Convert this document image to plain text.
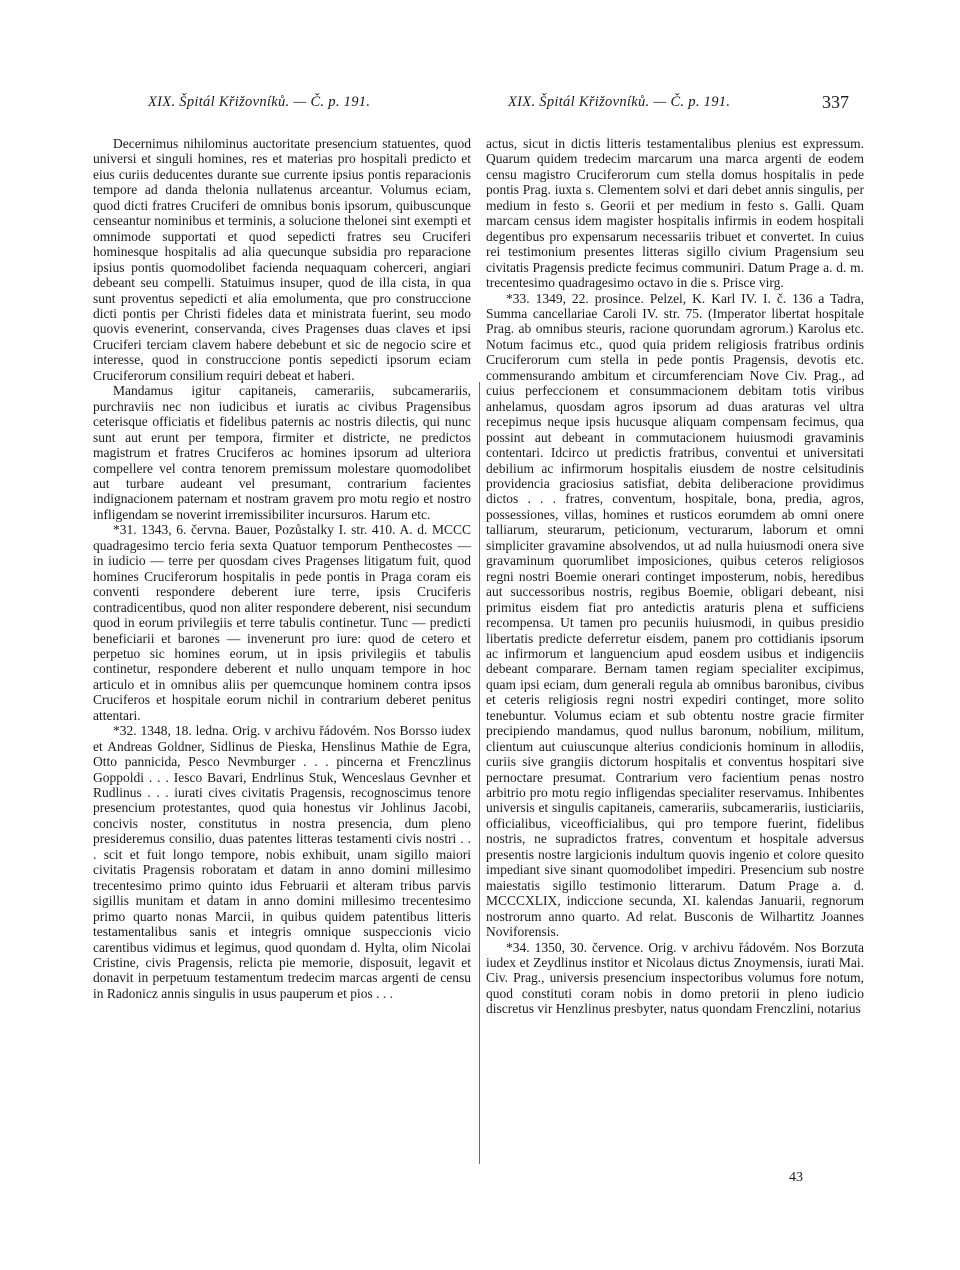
XIX. Špitál Křižovníků. — Č. p. 191.	XIX. Špitál Křižovníků. — Č. p. 191.	337

Decernimus nihilominus auctoritate presencium statuentes, quod universi et singuli homines, res et materias pro hospitali predicto et eius curiis deducentes durante sue currente ipsius pontis reparacionis tempore ad danda thelonia nullatenus arceantur. Volumus eciam, quod dicti fratres Cruciferi de omnibus bonis ipsorum, quibuscunque censeantur nominibus et terminis, a solucione thelonei sint exempti et omnimode supportati et quod sepedicti fratres seu Cruciferi hominesque hospitalis ad alia quecunque subsidia pro reparacione ipsius pontis quomodolibet facienda nequaquam coherceri, angiari debeant seu compelli. Statuimus insuper, quod de illa cista, in qua sunt proventus sepedicti et alia emolumenta, que pro construccione dicti pontis per Christi fideles data et ministrata fuerint, seu modo quovis evenerint, conservanda, cives Pragenses duas claves et ipsi Cruciferi terciam clavem habere debebunt et sic de negocio scire et interesse, quod in construccione pontis sepedicti ipsorum eciam Cruciferorum consilium requiri debeat et haberi.

Mandamus igitur capitaneis, camerariis, subcamerariis, purchraviis nec non iudicibus et iuratis ac civibus Pragensibus ceterisque officiatis et fidelibus paternis ac nostris dilectis, qui nunc sunt aut erunt per tempora, firmiter et districte, ne predictos magistrum et fratres Cruciferos ac homines ipsorum ad ulteriora compellere vel contra tenorem premissum molestare quomodolibet aut turbare audeant vel presumant, contrarium facientes indignacionem paternam et nostram gravem pro motu regio et nostro infligendam se noverint irremissibiliter incursuros. Harum etc.

*31. 1343, 6. června. Bauer, Pozůstalky I. str. 410. A. d. MCCC quadragesimo tercio feria sexta Quatuor temporum Penthecostes — in iudicio — terre per quosdam cives Pragenses litigatum fuit, quod homines Cruciferorum hospitalis in pede pontis in Praga coram eis conventi respondere deberent iure terre, ipsis Cruciferis contradicentibus, quod non aliter respondere deberent, nisi secundum quod in eorum privilegiis et terre tabulis continetur. Tunc — predicti beneficiarii et barones — invenerunt pro iure: quod de cetero et perpetuo sic homines eorum, ut in ipsis privilegiis et tabulis continetur, respondere deberent et nullo unquam tempore in hoc articulo et in omnibus aliis per quemcunque hominem contra ipsos Cruciferos et hospitale eorum nichil in contrarium deberet penitus attentari.

*32. 1348, 18. ledna. Orig. v archivu řádovém. Nos Borsso iudex et Andreas Goldner, Sidlinus de Pieska, Henslinus Mathie de Egra, Otto pannicida, Pesco Nevmburger . . . pincerna et Frenczlinus Goppoldi . . . Iesco Bavari, Endrlinus Stuk, Wenceslaus Gevnher et Rudlinus . . . iurati cives civitatis Pragensis, recognoscimus tenore presencium protestantes, quod quia honestus vir Johlinus Jacobi, concivis noster, constitutus in nostra presencia, dum pleno presideremus consilio, duas patentes litteras testamenti civis nostri . . . scit et fuit longo tempore, nobis exhibuit, unam sigillo maiori civitatis Pragensis roboratam et datam in anno domini millesimo trecentesimo primo quinto idus Februarii et alteram tribus parvis sigillis munitam et datam in anno domini millesimo trecentesimo primo quarto nonas Marcii, in quibus quidem patentibus litteris testamentalibus sanis et integris omnique suspeccionis vicio carentibus vidimus et legimus, quod quondam d. Hylta, olim Nicolai Cristine, civis Pragensis, relicta pie memorie, disposuit, legavit et donavit in perpetuum testamentum tredecim marcas argenti de censu in Radonicz annis singulis in usus pauperum et pios . . .

actus, sicut in dictis litteris testamentalibus plenius est expressum. Quarum quidem tredecim marcarum una marca argenti de eodem censu magistro Cruciferorum cum stella domus hospitalis in pede pontis Prag. iuxta s. Clementem solvi et dari debet annis singulis, per medium in festo s. Georii et per medium in festo s. Galli. Quam marcam census idem magister hospitalis infirmis in eodem hospitali degentibus pro expensarum necessariis tribuet et convertet. In cuius rei testimonium presentes litteras sigillo civium Pragensium seu civitatis Pragensis predicte fecimus communiri. Datum Prage a. d. m. trecentesimo quadragesimo octavo in die s. Prisce virg.

*33. 1349, 22. prosince. Pelzel, K. Karl IV. I. č. 136 a Tadra, Summa cancellariae Caroli IV. str. 75. (Imperator libertat hospitale Prag. ab omnibus steuris, racione quorundam agrorum.) Karolus etc. Notum facimus etc., quod quia pridem religiosis fratribus ordinis Cruciferorum cum stella in pede pontis Pragensis, devotis etc. commensurando ambitum et circumferenciam Nove Civ. Prag., ad cuius perfeccionem et consummacionem debitam totis viribus anhelamus, quosdam agros ipsorum ad duas araturas vel ultra recepimus neque ipsis hucusque aliquam compensam fecimus, qua possint aut debeant in commutacionem huiusmodi gravaminis contentari. Idcirco ut predictis fratribus, conventui et universitati debilium ac infirmorum hospitalis eiusdem de nostre celsitudinis providencia graciosius satisfiat, debita deliberacione providimus dictos . . . fratres, conventum, hospitale, bona, predia, agros, possessiones, villas, homines et rusticos eorumdem ab omni onere talliarum, steurarum, peticionum, vecturarum, laborum et omni simpliciter gravamine absolvendos, ut ad nulla huiusmodi onera sive gravaminum quorumlibet imposiciones, quibus ceteros religiosos regni nostri Boemie onerari continget imposterum, nobis, heredibus aut successoribus nostris, regibus Boemie, obligari debeant, nisi primitus eisdem fiat pro antedictis araturis plena et sufficiens recompensa. Ut tamen pro pecuniis huiusmodi, in quibus presidio libertatis predicte deferretur eisdem, panem pro cottidianis ipsorum ac infirmorum et languencium apud eosdem usibus et indigenciis debeant comparare. Bernam tamen regiam specialiter excipimus, quam ipsi eciam, dum generali regula ab omnibus baronibus, civibus et ceteris religiosis regni nostri expediri continget, more solito tenebuntur. Volumus eciam et sub obtentu nostre gracie firmiter precipiendo mandamus, quod nullus baronum, nobilium, militum, clientum aut cuiuscunque alterius condicionis hominum in allodiis, curiis sive grangiis dictorum hospitalis et conventus hospitari sive pernoctare presumat. Contrarium vero facientium penas nostro arbitrio pro motu regio infligendas specialiter reservamus. Inhibentes universis et singulis capitaneis, camerariis, subcamerariis, iusticiariis, officialibus, viceofficialibus, qui pro tempore fuerint, fidelibus nostris, ne supradictos fratres, conventum et hospitale adversus presentis nostre largicionis indultum quovis ingenio et colore quesito impediant sive sinant quomodolibet impediri. Presencium sub nostre maiestatis sigillo testimonio litterarum. Datum Prage a. d. MCCCXLIX, indiccione secunda, XI. kalendas Januarii, regnorum nostrorum anno quarto. Ad relat. Busconis de Wilhartitz Joannes Noviforensis.

*34. 1350, 30. července. Orig. v archivu řádovém. Nos Borzuta iudex et Zeydlinus institor et Nicolaus dictus Znoymensis, iurati Mai. Civ. Prag., universis presencium inspectoribus volumus fore notum, quod constituti coram nobis in domo pretorii in pleno iudicio discretus vir Henzlinus presbyter, natus quondam Frenczlini, notarius

43
